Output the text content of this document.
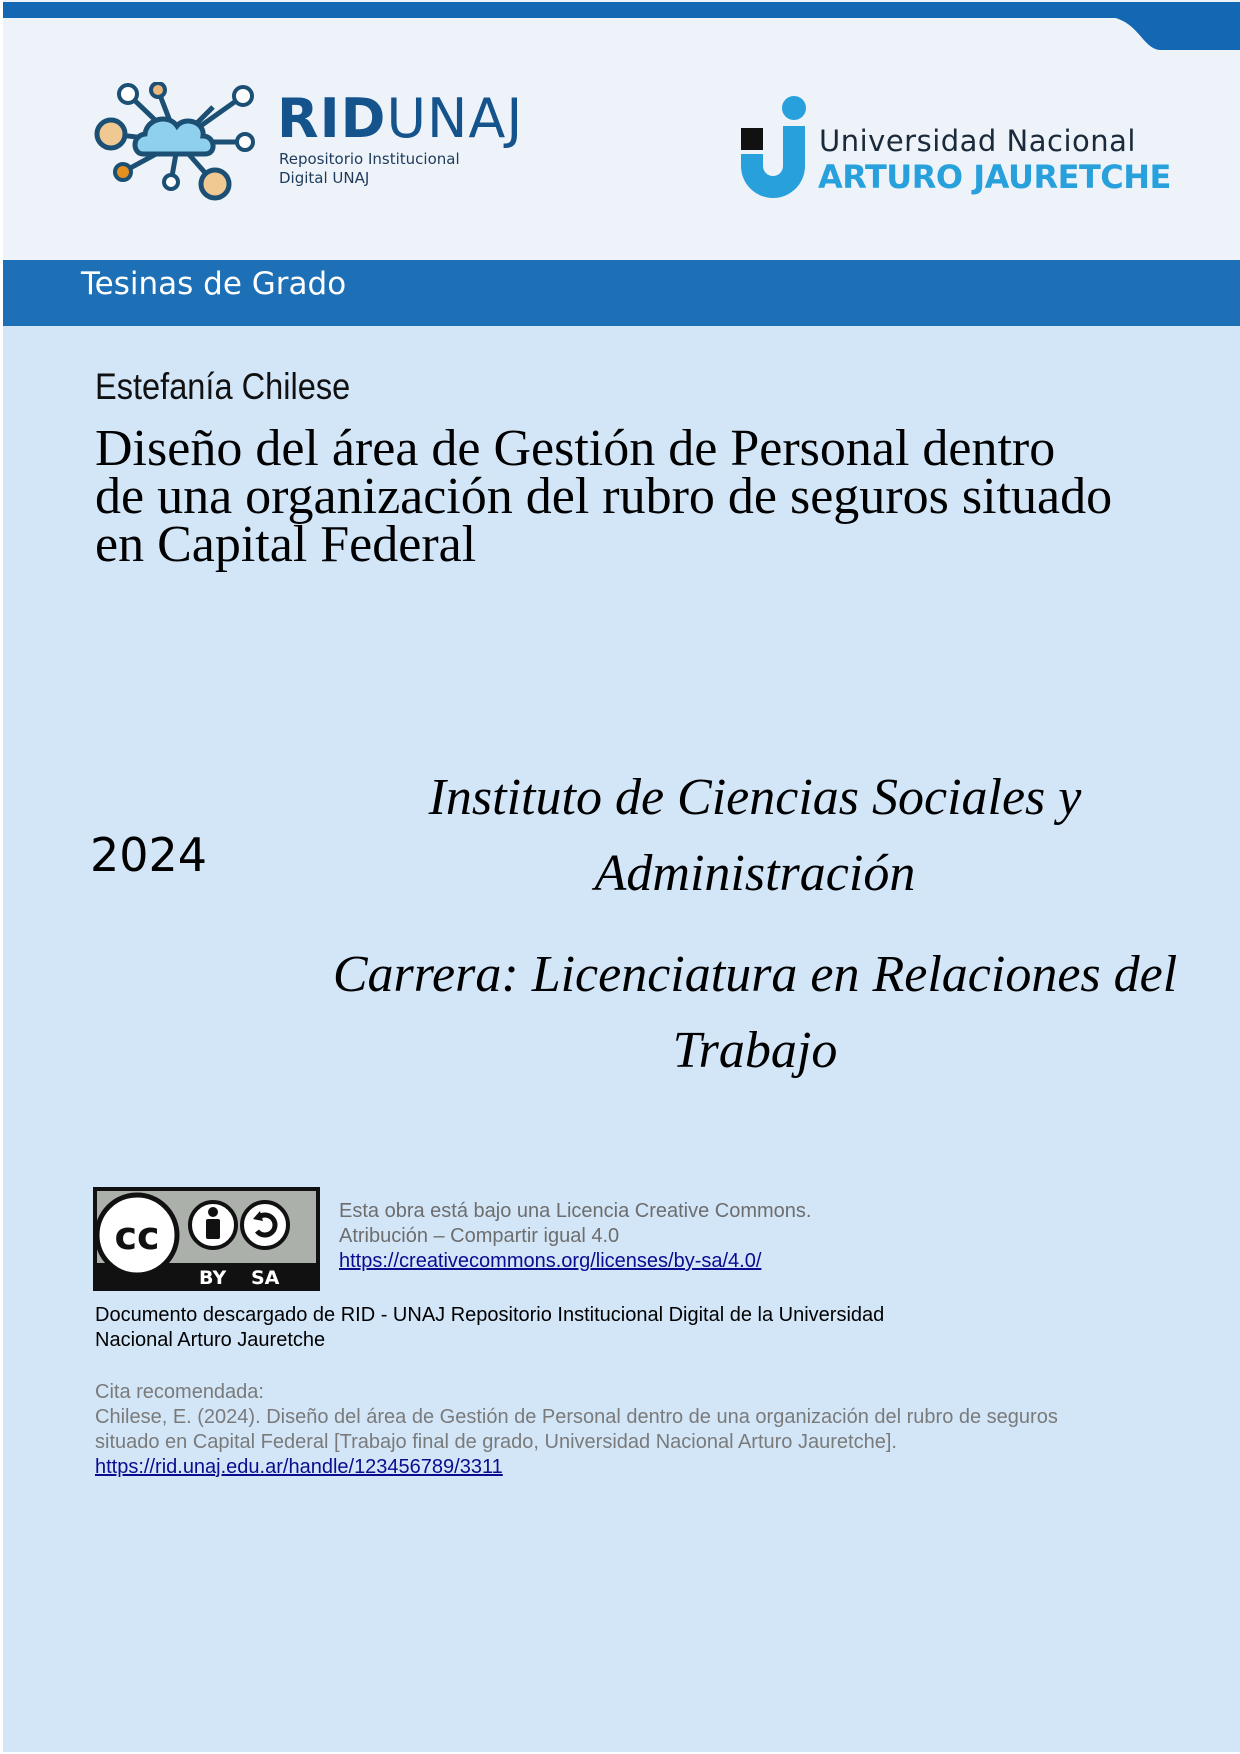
RIDUNAJ
Repositorio Institucional
Digital UNAJ
Universidad Nacional
ARTURO JAURETCHE
Tesinas de Grado
Estefanía Chilese
Diseño del área de Gestión de Personal dentro
de una organización del rubro de seguros situado
en Capital Federal
2024
Instituto de Ciencias Sociales y
Administración
Carrera: Licenciatura en Relaciones del
Trabajo
cc
BY SA
Esta obra está bajo una Licencia Creative Commons.
Atribución – Compartir igual 4.0
https://creativecommons.org/licenses/by-sa/4.0/
Documento descargado de RID - UNAJ Repositorio Institucional Digital de la Universidad
Nacional Arturo Jauretche
Cita recomendada:
Chilese, E. (2024). Diseño del área de Gestión de Personal dentro de una organización del rubro de seguros
situado en Capital Federal [Trabajo final de grado, Universidad Nacional Arturo Jauretche].
https://rid.unaj.edu.ar/handle/123456789/3311
